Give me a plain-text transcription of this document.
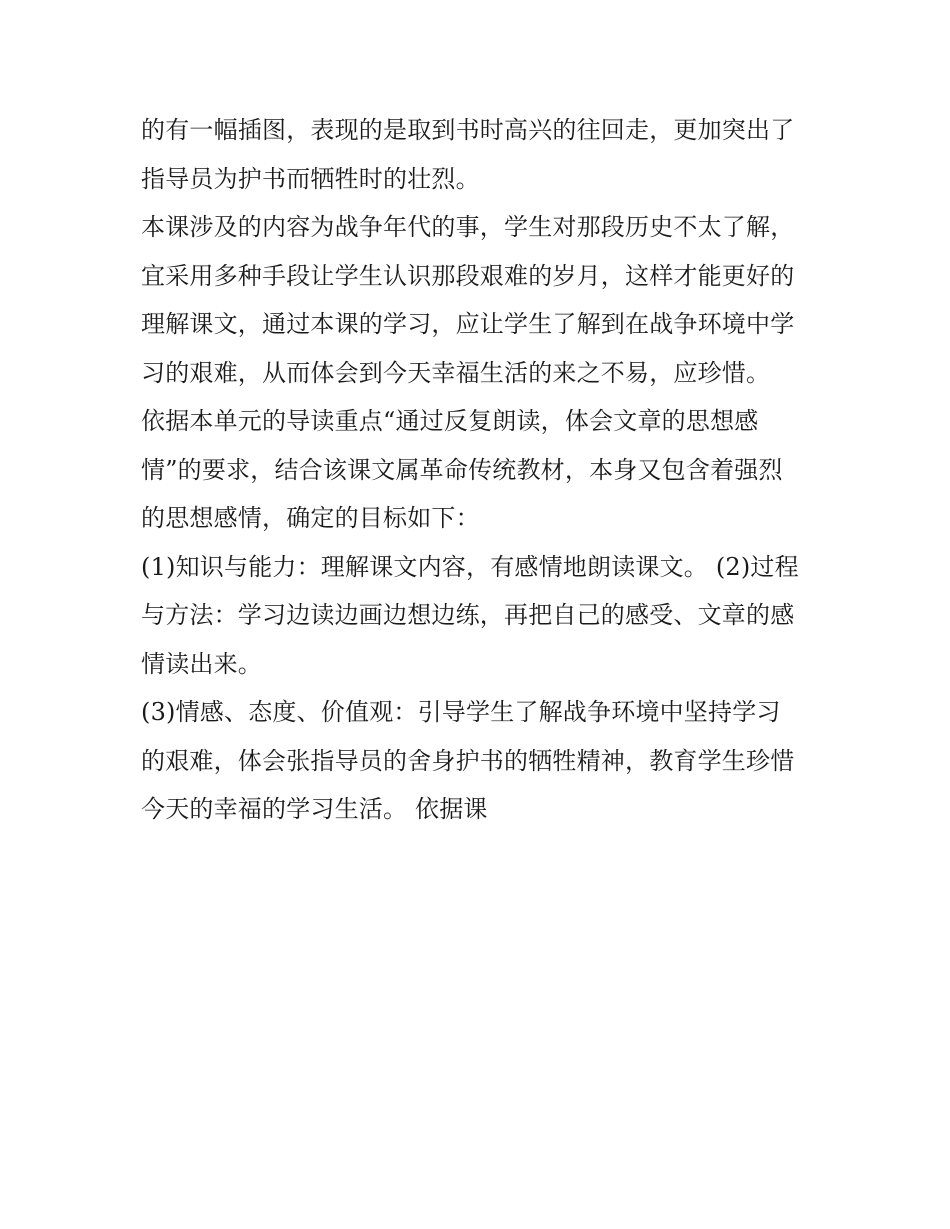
的有一幅插图，表现的是取到书时高兴的往回走，更加突出了
指导员为护书而牺牲时的壮烈。
本课涉及的内容为战争年代的事，学生对那段历史不太了解，
宜采用多种手段让学生认识那段艰难的岁月，这样才能更好的
理解课文，通过本课的学习，应让学生了解到在战争环境中学
习的艰难，从而体会到今天幸福生活的来之不易，应珍惜。
依据本单元的导读重点“通过反复朗读，体会文章的思想感
情”的要求，结合该课文属革命传统教材，本身又包含着强烈
的思想感情，确定的目标如下：
(1)知识与能力：理解课文内容，有感情地朗读课文。 (2)过程
与方法：学习边读边画边想边练，再把自己的感受、文章的感
情读出来。
(3)情感、态度、价值观：引导学生了解战争环境中坚持学习
的艰难，体会张指导员的舍身护书的牺牲精神，教育学生珍惜
今天的幸福的学习生活。 依据课
